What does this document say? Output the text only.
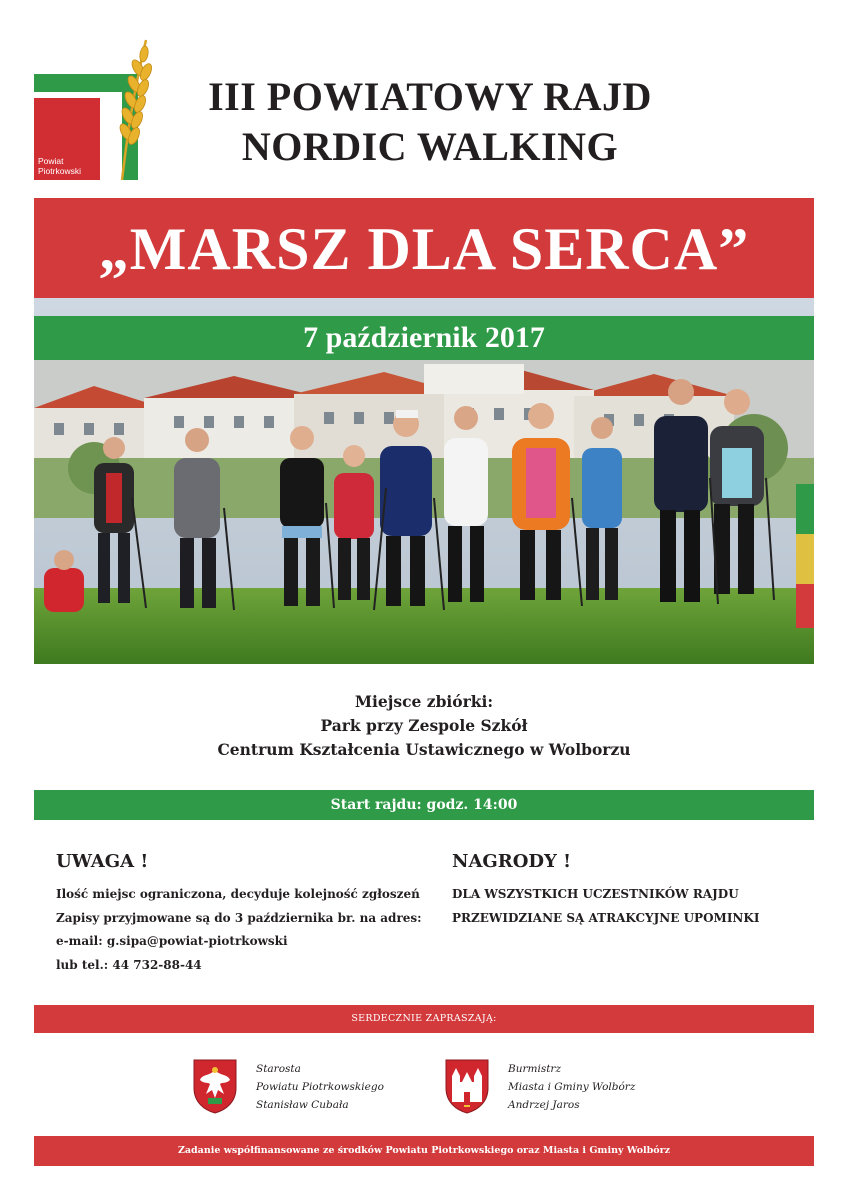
Powiat
Piotrkowski
III POWIATOWY RAJD
NORDIC WALKING
„MARSZ DLA SERCA”
7 październik 2017
Miejsce zbiórki:
Park przy Zespole Szkół
Centrum Kształcenia Ustawicznego w Wolborzu
Start rajdu: godz. 14:00
UWAGA !
Ilość miejsc ograniczona, decyduje kolejność zgłoszeń
Zapisy przyjmowane są do 3 października br. na adres:
e-mail: g.sipa@powiat-piotrkowski
lub tel.: 44 732-88-44
NAGRODY !
DLA WSZYSTKICH UCZESTNIKÓW RAJDU
PRZEWIDZIANE SĄ ATRAKCYJNE UPOMINKI
SERDECZNIE ZAPRASZAJĄ:
Starosta
Powiatu Piotrkowskiego
Stanisław Cubała
Burmistrz
Miasta i Gminy Wolbórz
Andrzej Jaros
Zadanie współfinansowane ze środków Powiatu Piotrkowskiego oraz Miasta i Gminy Wolbórz
